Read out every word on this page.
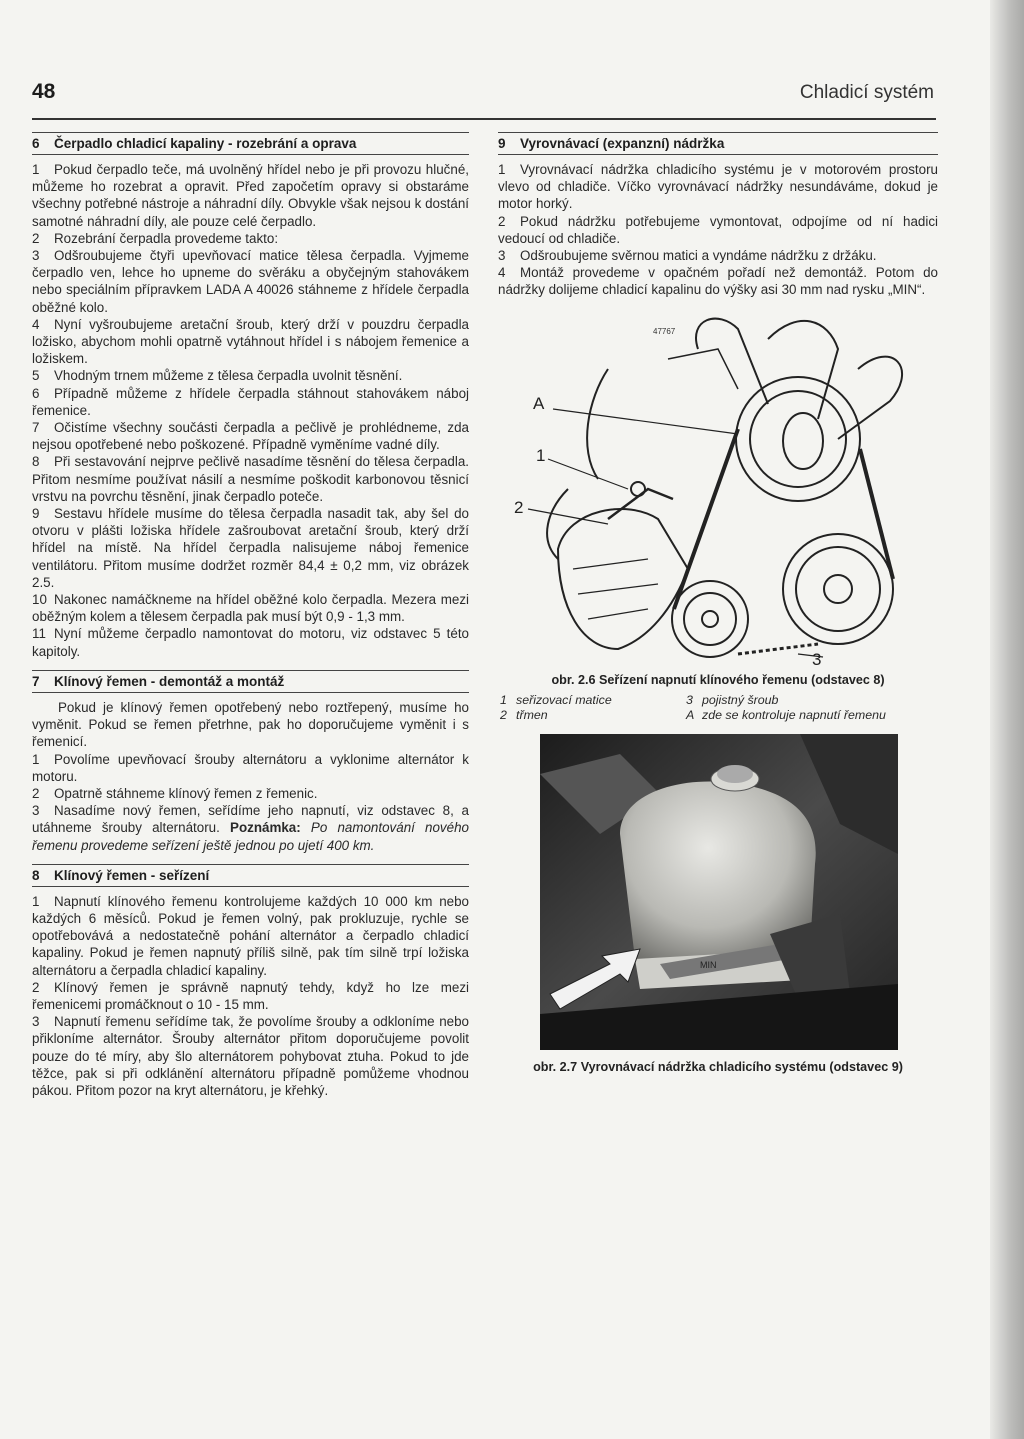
48	Chladicí systém
6 Čerpadlo chladicí kapaliny - rozebrání a oprava

1 Pokud čerpadlo teče, má uvolněný hřídel nebo je při provozu hlučné, můžeme ho rozebrat a opravit. Před započetím opravy si obstaráme všechny potřebné nástroje a náhradní díly. Obvykle však nejsou k dostání samotné náhradní díly, ale pouze celé čerpadlo.

2 Rozebrání čerpadla provedeme takto:

3 Odšroubujeme čtyři upevňovací matice tělesa čerpadla. Vyjmeme čerpadlo ven, lehce ho upneme do svěráku a obyčejným stahovákem nebo speciálním přípravkem LADA A 40026 stáhneme z hřídele čerpadla oběžné kolo.

4 Nyní vyšroubujeme aretační šroub, který drží v pouzdru čerpadla ložisko, abychom mohli opatrně vytáhnout hřídel i s nábojem řemenice a ložiskem.

5 Vhodným trnem můžeme z tělesa čerpadla uvolnit těsnění.

6 Případně můžeme z hřídele čerpadla stáhnout stahovákem náboj řemenice.

7 Očistíme všechny součásti čerpadla a pečlivě je prohlédneme, zda nejsou opotřebené nebo poškozené. Případně vyměníme vadné díly.

8 Při sestavování nejprve pečlivě nasadíme těsnění do tělesa čerpadla. Přitom nesmíme používat násilí a nesmíme poškodit karbonovou těsnicí vrstvu na povrchu těsnění, jinak čerpadlo poteče.

9 Sestavu hřídele musíme do tělesa čerpadla nasadit tak, aby šel do otvoru v plášti ložiska hřídele zašroubovat aretační šroub, který drží hřídel na místě. Na hřídel čerpadla nalisujeme náboj řemenice ventilátoru. Přitom musíme dodržet rozměr 84,4 ± 0,2 mm, viz obrázek 2.5.

10 Nakonec namáčkneme na hřídel oběžné kolo čerpadla. Mezera mezi oběžným kolem a tělesem čerpadla pak musí být 0,9 - 1,3 mm.

11 Nyní můžeme čerpadlo namontovat do motoru, viz odstavec 5 této kapitoly.

7 Klínový řemen - demontáž a montáž

Pokud je klínový řemen opotřebený nebo roztřepený, musíme ho vyměnit. Pokud se řemen přetrhne, pak ho doporučujeme vyměnit i s řemenicí.

1 Povolíme upevňovací šrouby alternátoru a vyklonime alternátor k motoru.

2 Opatrně stáhneme klínový řemen z řemenic.

3 Nasadíme nový řemen, seřídíme jeho napnutí, viz odstavec 8, a utáhneme šrouby alternátoru. Poznámka: Po namontování nového řemenu provedeme seřízení ještě jednou po ujetí 400 km.

8 Klínový řemen - seřízení

1 Napnutí klínového řemenu kontrolujeme každých 10 000 km nebo každých 6 měsíců. Pokud je řemen volný, pak prokluzuje, rychle se opotřebovává a nedostatečně pohání alternátor a čerpadlo chladicí kapaliny. Pokud je řemen napnutý příliš silně, pak tím silně trpí ložiska alternátoru a čerpadla chladicí kapaliny.

2 Klínový řemen je správně napnutý tehdy, když ho lze mezi řemenicemi promáčknout o 10 - 15 mm.

3 Napnutí řemenu seřídíme tak, že povolíme šrouby a odkloníme nebo přikloníme alternátor. Šrouby alternátor přitom doporučujeme povolit pouze do té míry, aby šlo alternátorem pohybovat ztuha. Pokud to jde těžce, pak si při odklánění alternátoru případně pomůžeme vhodnou pákou. Přitom pozor na kryt alternátoru, je křehký.

9 Vyrovnávací (expanzní) nádržka

1 Vyrovnávací nádržka chladicího systému je v motorovém prostoru vlevo od chladiče. Víčko vyrovnávací nádržky nesundáváme, dokud je motor horký.

2 Pokud nádržku potřebujeme vymontovat, odpojíme od ní hadici vedoucí od chladiče.

3 Odšroubujeme svěrnou matici a vyndáme nádržku z držáku.

4 Montáž provedeme v opačném pořadí než demontáž. Potom do nádržky dolijeme chladicí kapalinu do výšky asi 30 mm nad rysku „MIN“.

A
1
2
3
47767
obr. 2.6 Seřízení napnutí klínového řemenu (odstavec 8)
1 seřizovací matice	3 pojistný šroub
2 třmen	A zde se kontroluje napnutí řemenu
MIN
obr. 2.7 Vyrovnávací nádržka chladicího systému (odstavec 9)
